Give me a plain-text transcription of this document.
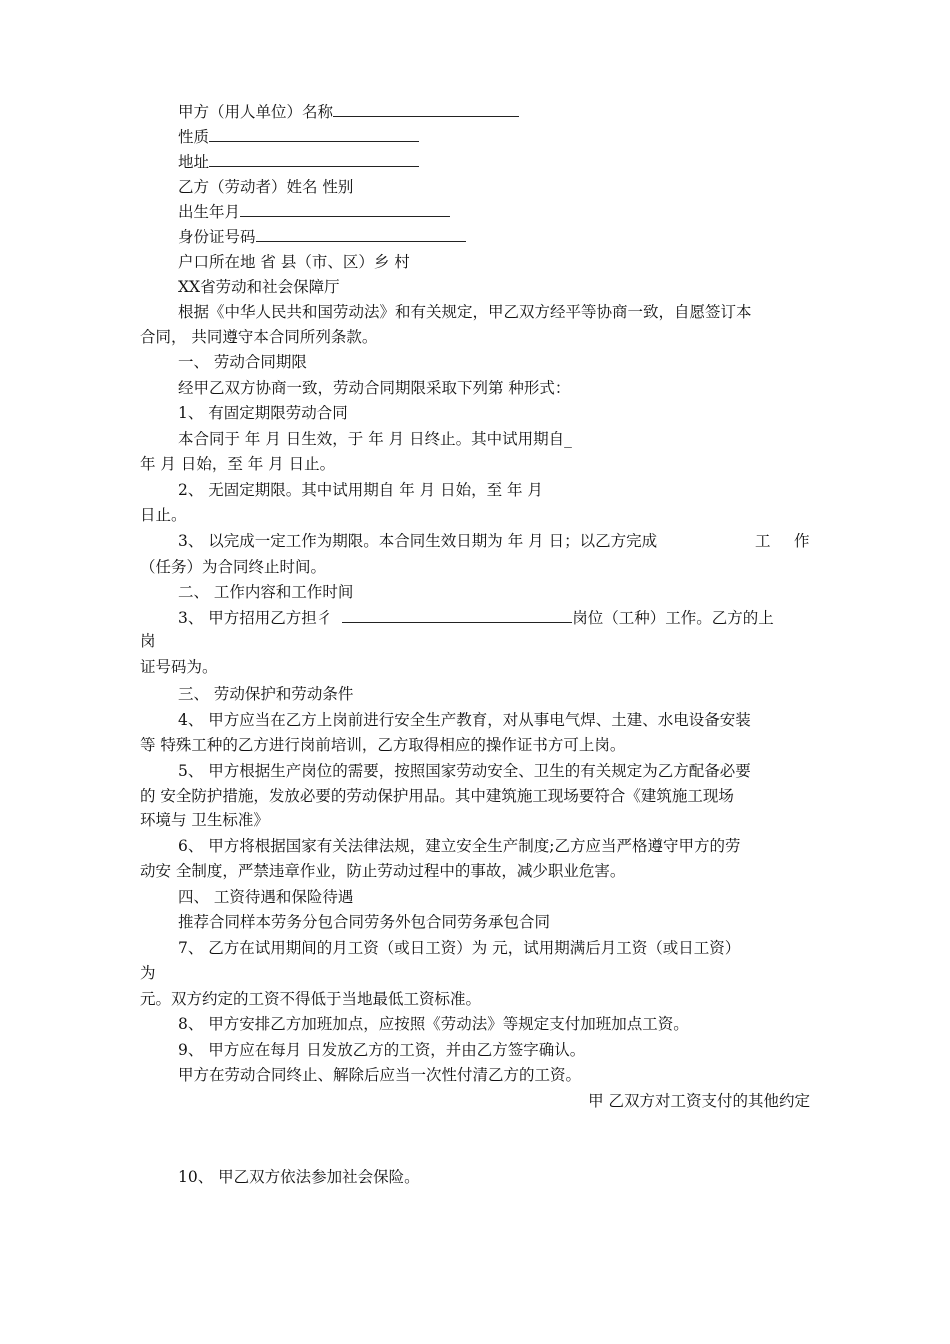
甲方（用人单位）名称
性质
地址
乙方（劳动者）姓名 性别
出生年月
身份证号码
户口所在地 省 县（市、区）乡 村
XX省劳动和社会保障厅
根据《中华人民共和国劳动法》和有关规定，甲乙双方经平等协商一致，自愿签订本
合同， 共同遵守本合同所列条款。
一、 劳动合同期限
经甲乙双方协商一致，劳动合同期限采取下列第 种形式：
1、 有固定期限劳动合同
本合同于 年 月 日生效，于 年 月 日终止。其中试用期自_
年 月 日始，至 年 月 日止。
2、 无固定期限。其中试用期自 年 月 日始，至 年 月
日止。
3、 以完成一定工作为期限。本合同生效日期为 年 月 日；以乙方完成	工 作
（任务）为合同终止时间。
二、 工作内容和工作时间
3、 甲方招用乙方担彳	岗位（工种）工作。乙方的上
岗
证号码为。
三、 劳动保护和劳动条件
4、 甲方应当在乙方上岗前进行安全生产教育，对从事电气焊、土建、水电设备安装
等 特殊工种的乙方进行岗前培训，乙方取得相应的操作证书方可上岗。
5、 甲方根据生产岗位的需要，按照国家劳动安全、卫生的有关规定为乙方配备必要
的 安全防护措施，发放必要的劳动保护用品。其中建筑施工现场要符合《建筑施工现场
环境与 卫生标准》
6、 甲方将根据国家有关法律法规，建立安全生产制度;乙方应当严格遵守甲方的劳
动安 全制度，严禁违章作业，防止劳动过程中的事故，减少职业危害。
四、 工资待遇和保险待遇
推荐合同样本劳务分包合同劳务外包合同劳务承包合同
7、 乙方在试用期间的月工资（或日工资）为 元，试用期满后月工资（或日工资）
为
元。双方约定的工资不得低于当地最低工资标准。
8、 甲方安排乙方加班加点，应按照《劳动法》等规定支付加班加点工资。
9、 甲方应在每月 日发放乙方的工资，并由乙方签字确认。
甲方在劳动合同终止、解除后应当一次性付清乙方的工资。
甲 乙双方对工资支付的其他约定
10、 甲乙双方依法参加社会保险。
